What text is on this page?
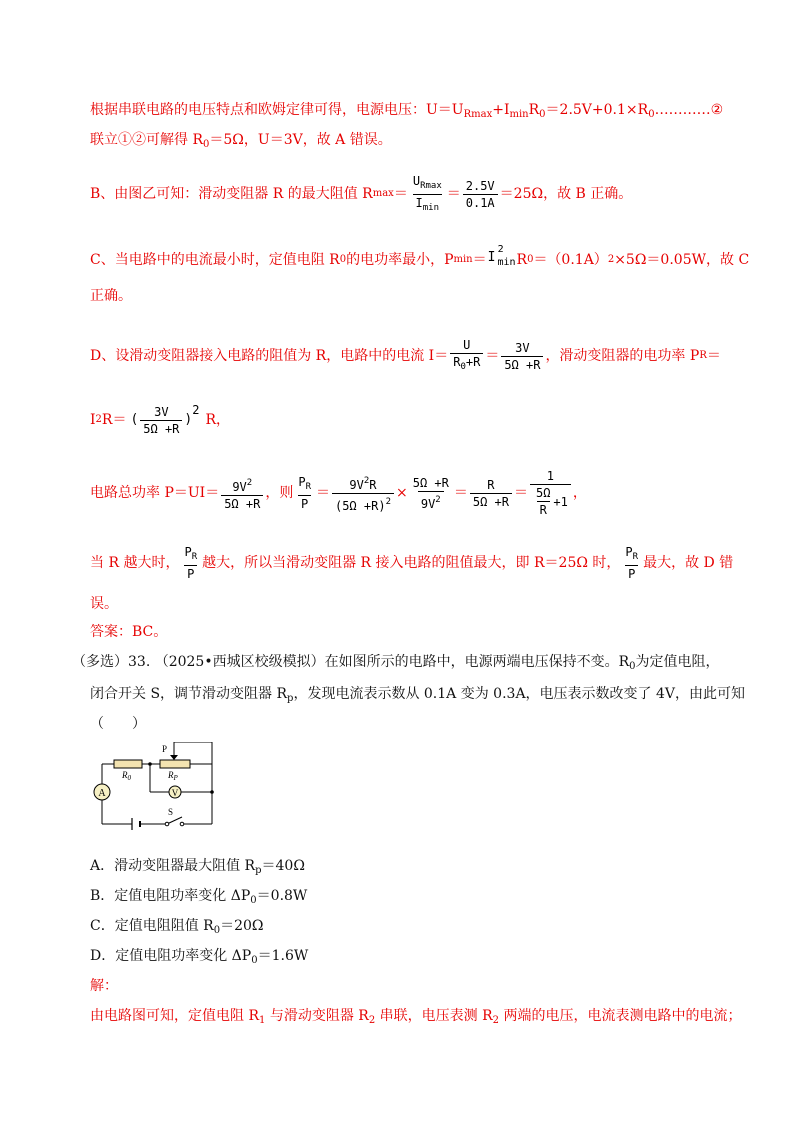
根据串联电路的电压特点和欧姆定律可得，电源电压：$U=U_{Rmax}+I_{min}R_0=2.5V+0.1\times R_0\dots\dots\dots\dots ②$
联立①②可解得 $R_0=5\Omega$，U＝3V，故 A 错误。
B、由图乙可知：滑动变阻器 R 的最大阻值 R $\max = \frac{U_{Rmax}}{I_{min}} = \frac{2.5V}{0.1A} =25\Omega$，故 B 正确。
C、当电路中的电流最小时，定值电阻 R 0 的电功率最小，P min ＝ I
2
$_{min}$ R 0 ＝（0.1A） 2 ×5Ω＝0.05W，故 C
正确。
D、设滑动变阻器接入电路的阻值为 R，电路中的电流 $I= \frac{U}{R_0+R} = \frac{3V}{5\Omega +R}$ ，滑动变阻器的电功率 P R ＝
I 2 R＝ ( $\frac{3V}{5\Omega +R}$ )
2
R，
电路总功率 $P=UI= \frac{9V^2}{5\Omega +R}$ ，则 $\frac{P_R}{P} = \frac{9V^2R}{(5\Omega +R)^2} \times \frac{5\Omega +R}{9V^2} = \frac{R}{5\Omega +R} = \frac{1}{\frac{5\Omega}{R} +1}$ ，
当 R 越大时， $\frac{P_R}{P}$ 越大，所以当滑动变阻器 R 接入电路的阻值最大，即 R＝25Ω 时， $\frac{P_R}{P}$ 最大，故 D 错
误。
答案：BC。
（多选）33. （2025•西城区校级模拟）在如图所示的电路中，电源两端电压保持不变。$R_0$为定值电阻，
闭合开关 S，调节滑动变阻器 $R_p$，发现电流表示数从 0.1A 变为 0.3A，电压表示数改变了 4V，由此可知
（　　）
A	V
$R_0$	$R_P$
P
S
A．滑动变阻器最大阻值 $R_p=40\Omega$
B．定值电阻功率变化 $\Delta P_0=0.8W$
C．定值电阻阻值 $R_0=20\Omega$
D．定值电阻功率变化 $\Delta P_0=1.6W$
解：
由电路图可知，定值电阻 $R_1$ 与滑动变阻器 $R_2$ 串联，电压表测 $R_2$ 两端的电压，电流表测电路中的电流；
